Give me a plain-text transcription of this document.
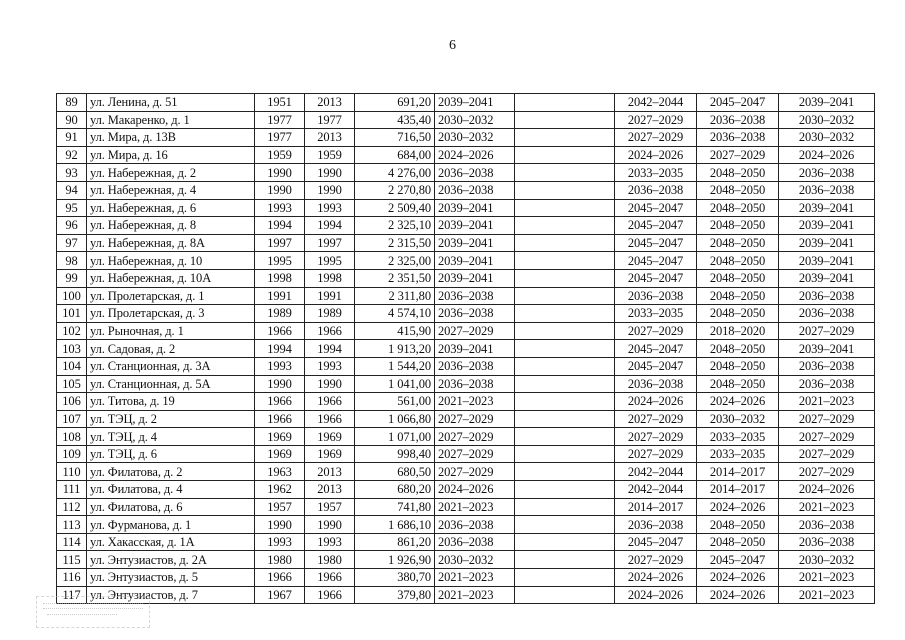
6
89	ул. Ленина, д. 51	1951	2013	691,20	2039–2041		2042–2044	2045–2047	2039–2041
90	ул. Макаренко, д. 1	1977	1977	435,40	2030–2032		2027–2029	2036–2038	2030–2032
91	ул. Мира, д. 13В	1977	2013	716,50	2030–2032		2027–2029	2036–2038	2030–2032
92	ул. Мира, д. 16	1959	1959	684,00	2024–2026		2024–2026	2027–2029	2024–2026
93	ул. Набережная, д. 2	1990	1990	4 276,00	2036–2038		2033–2035	2048–2050	2036–2038
94	ул. Набережная, д. 4	1990	1990	2 270,80	2036–2038		2036–2038	2048–2050	2036–2038
95	ул. Набережная, д. 6	1993	1993	2 509,40	2039–2041		2045–2047	2048–2050	2039–2041
96	ул. Набережная, д. 8	1994	1994	2 325,10	2039–2041		2045–2047	2048–2050	2039–2041
97	ул. Набережная, д. 8А	1997	1997	2 315,50	2039–2041		2045–2047	2048–2050	2039–2041
98	ул. Набережная, д. 10	1995	1995	2 325,00	2039–2041		2045–2047	2048–2050	2039–2041
99	ул. Набережная, д. 10А	1998	1998	2 351,50	2039–2041		2045–2047	2048–2050	2039–2041
100	ул. Пролетарская, д. 1	1991	1991	2 311,80	2036–2038		2036–2038	2048–2050	2036–2038
101	ул. Пролетарская, д. 3	1989	1989	4 574,10	2036–2038		2033–2035	2048–2050	2036–2038
102	ул. Рыночная, д. 1	1966	1966	415,90	2027–2029		2027–2029	2018–2020	2027–2029
103	ул. Садовая, д. 2	1994	1994	1 913,20	2039–2041		2045–2047	2048–2050	2039–2041
104	ул. Станционная, д. 3А	1993	1993	1 544,20	2036–2038		2045–2047	2048–2050	2036–2038
105	ул. Станционная, д. 5А	1990	1990	1 041,00	2036–2038		2036–2038	2048–2050	2036–2038
106	ул. Титова, д. 19	1966	1966	561,00	2021–2023		2024–2026	2024–2026	2021–2023
107	ул. ТЭЦ, д. 2	1966	1966	1 066,80	2027–2029		2027–2029	2030–2032	2027–2029
108	ул. ТЭЦ, д. 4	1969	1969	1 071,00	2027–2029		2027–2029	2033–2035	2027–2029
109	ул. ТЭЦ, д. 6	1969	1969	998,40	2027–2029		2027–2029	2033–2035	2027–2029
110	ул. Филатова, д. 2	1963	2013	680,50	2027–2029		2042–2044	2014–2017	2027–2029
111	ул. Филатова, д. 4	1962	2013	680,20	2024–2026		2042–2044	2014–2017	2024–2026
112	ул. Филатова, д. 6	1957	1957	741,80	2021–2023		2014–2017	2024–2026	2021–2023
113	ул. Фурманова, д. 1	1990	1990	1 686,10	2036–2038		2036–2038	2048–2050	2036–2038
114	ул. Хакасская, д. 1А	1993	1993	861,20	2036–2038		2045–2047	2048–2050	2036–2038
115	ул. Энтузиастов, д. 2А	1980	1980	1 926,90	2030–2032		2027–2029	2045–2047	2030–2032
116	ул. Энтузиастов, д. 5	1966	1966	380,70	2021–2023		2024–2026	2024–2026	2021–2023
117	ул. Энтузиастов, д. 7	1967	1966	379,80	2021–2023		2024–2026	2024–2026	2021–2023
